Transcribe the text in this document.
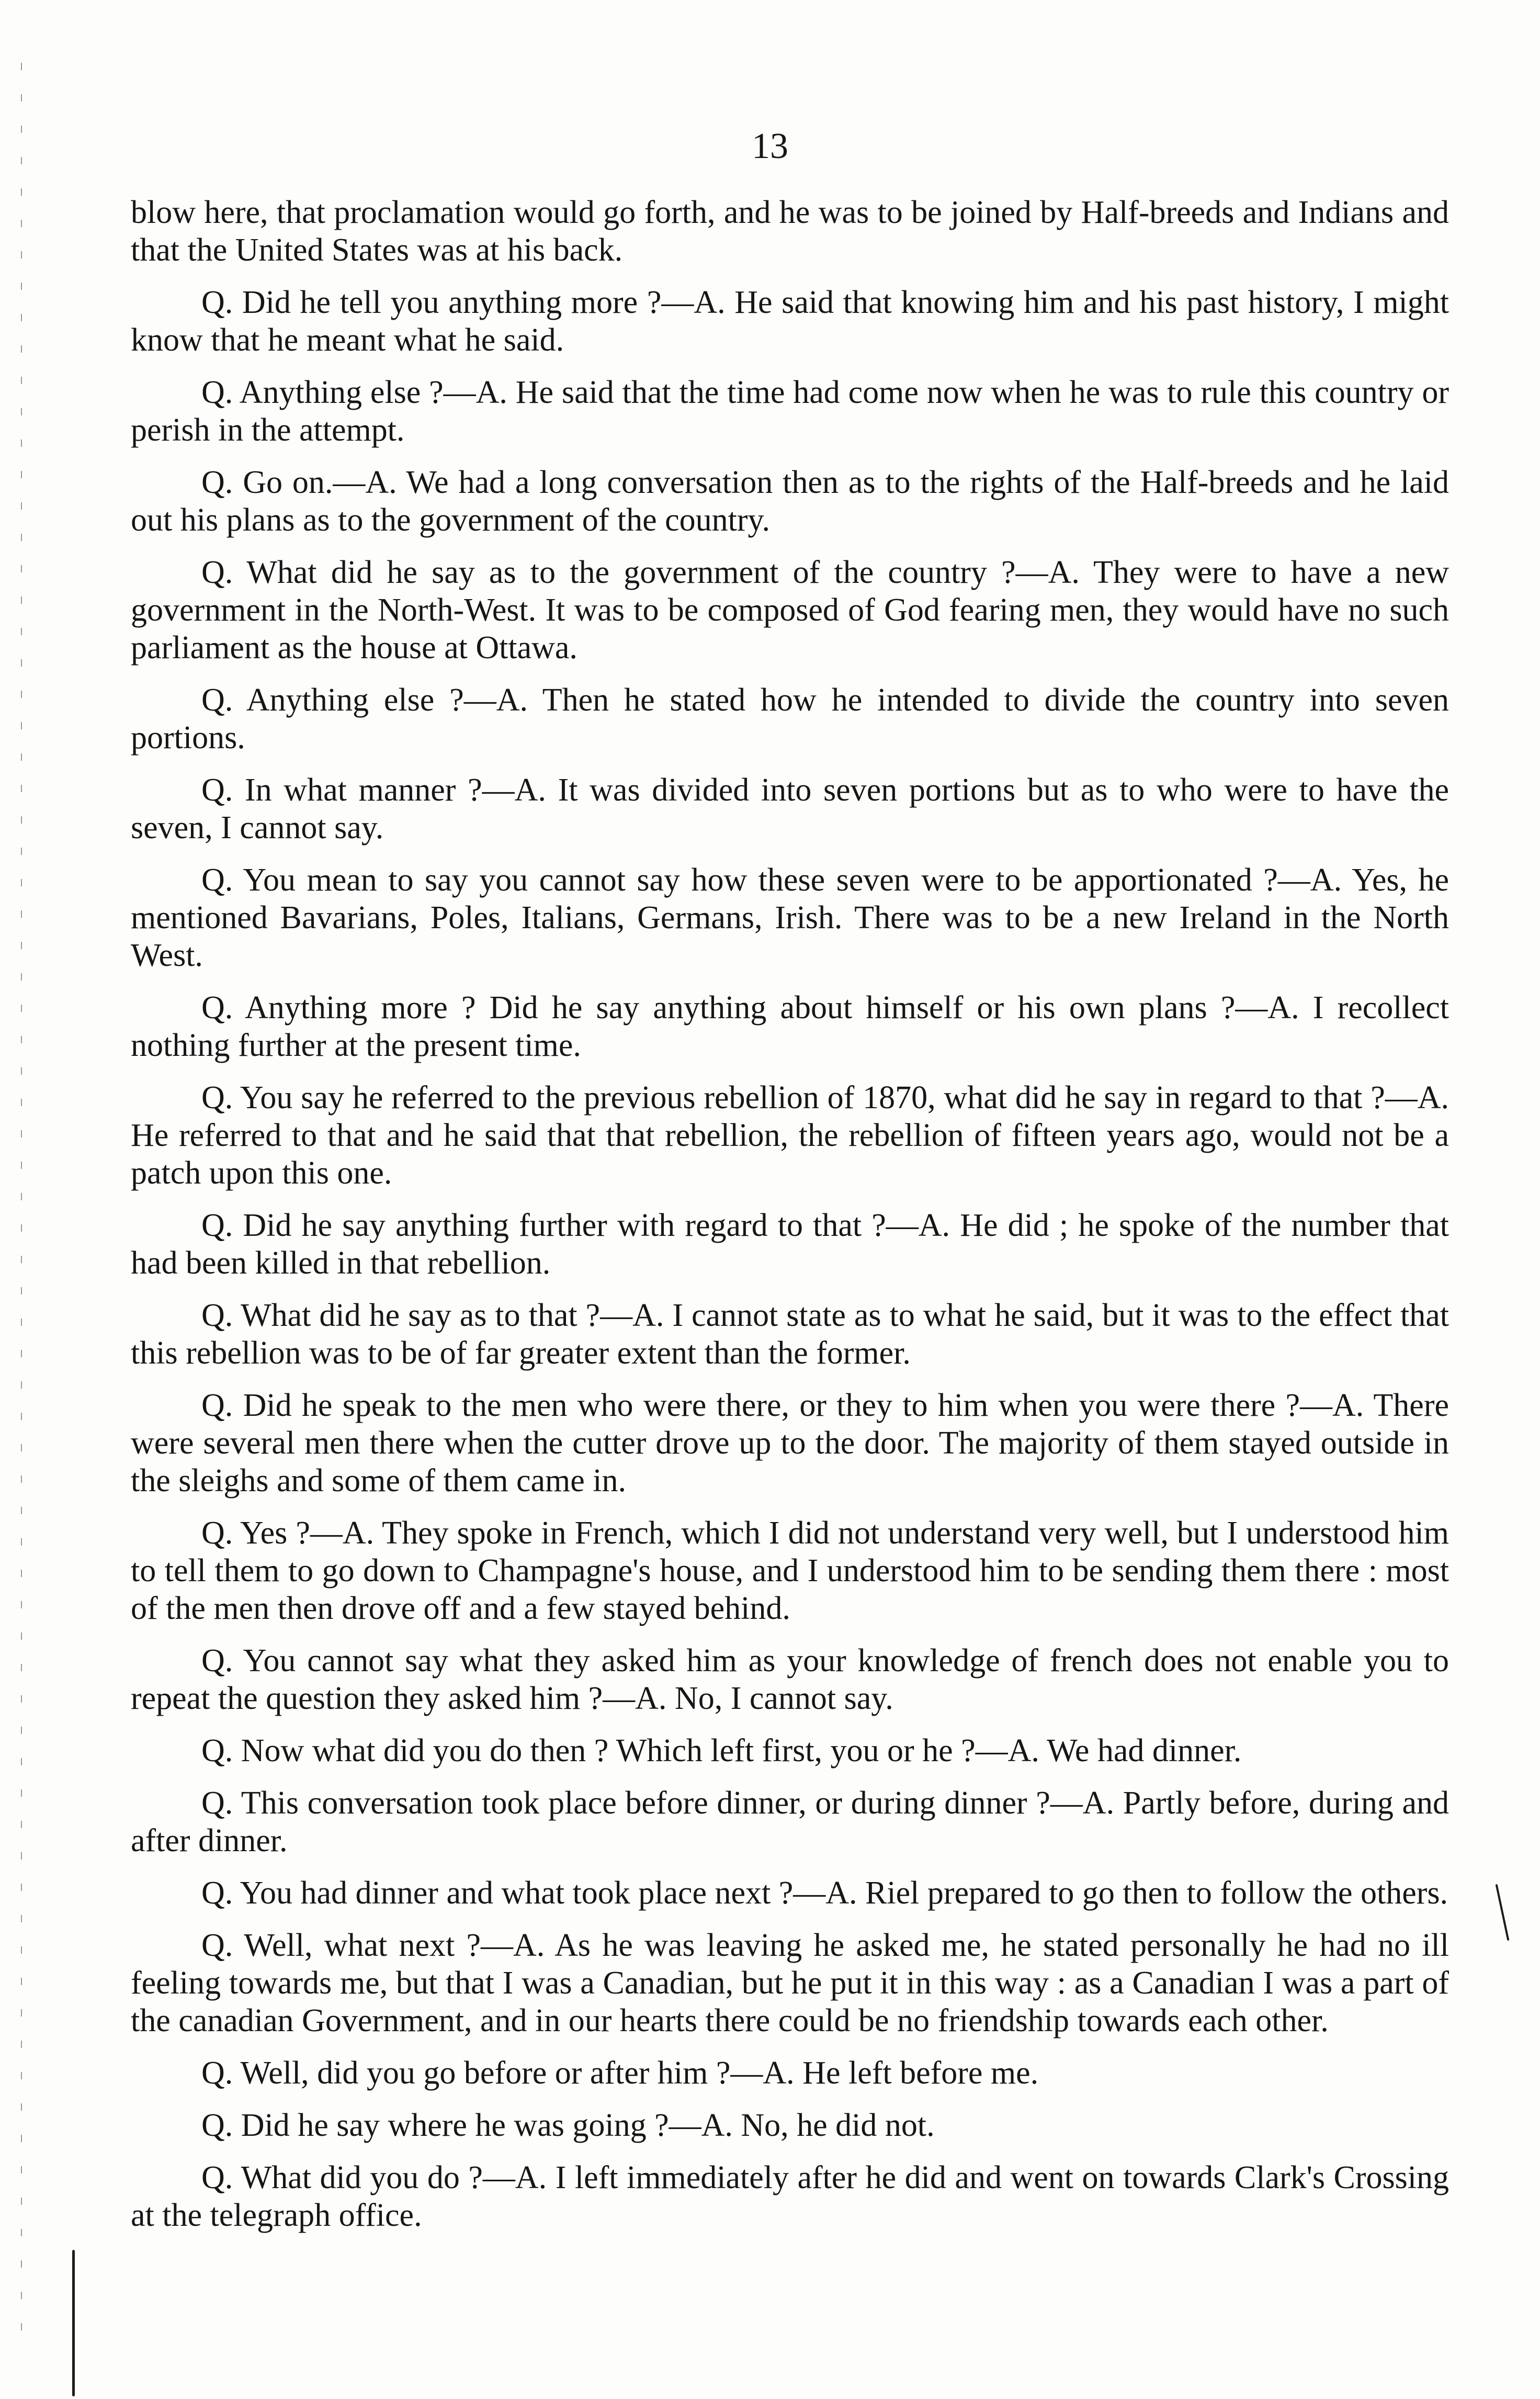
13

blow here, that proclamation would go forth, and he was to be joined by Half-breeds and Indians and that the United States was at his back.

Q. Did he tell you anything more ?—A. He said that knowing him and his past history, I might know that he meant what he said.

Q. Anything else ?—A. He said that the time had come now when he was to rule this country or perish in the attempt.

Q. Go on.—A. We had a long conversation then as to the rights of the Half-breeds and he laid out his plans as to the government of the country.

Q. What did he say as to the government of the country ?—A. They were to have a new government in the North-West. It was to be composed of God fearing men, they would have no such parliament as the house at Ottawa.

Q. Anything else ?—A. Then he stated how he intended to divide the country into seven portions.

Q. In what manner ?—A. It was divided into seven portions but as to who were to have the seven, I cannot say.

Q. You mean to say you cannot say how these seven were to be apportionated ?—A. Yes, he mentioned Bavarians, Poles, Italians, Germans, Irish. There was to be a new Ireland in the North West.

Q. Anything more ? Did he say anything about himself or his own plans ?—A. I recollect nothing further at the present time.

Q. You say he referred to the previous rebellion of 1870, what did he say in regard to that ?—A. He referred to that and he said that that rebellion, the rebellion of fifteen years ago, would not be a patch upon this one.

Q. Did he say anything further with regard to that ?—A. He did ; he spoke of the number that had been killed in that rebellion.

Q. What did he say as to that ?—A. I cannot state as to what he said, but it was to the effect that this rebellion was to be of far greater extent than the former.

Q. Did he speak to the men who were there, or they to him when you were there ?—A. There were several men there when the cutter drove up to the door. The majority of them stayed outside in the sleighs and some of them came in.

Q. Yes ?—A. They spoke in French, which I did not understand very well, but I understood him to tell them to go down to Champagne's house, and I understood him to be sending them there : most of the men then drove off and a few stayed behind.

Q. You cannot say what they asked him as your knowledge of french does not enable you to repeat the question they asked him ?—A. No, I cannot say.

Q. Now what did you do then ? Which left first, you or he ?—A. We had dinner.

Q. This conversation took place before dinner, or during dinner ?—A. Partly before, during and after dinner.

Q. You had dinner and what took place next ?—A. Riel prepared to go then to follow the others.

Q. Well, what next ?—A. As he was leaving he asked me, he stated personally he had no ill feeling towards me, but that I was a Canadian, but he put it in this way : as a Canadian I was a part of the canadian Government, and in our hearts there could be no friendship towards each other.

Q. Well, did you go before or after him ?—A. He left before me.

Q. Did he say where he was going ?—A. No, he did not.

Q. What did you do ?—A. I left immediately after he did and went on towards Clark's Crossing at the telegraph office.
